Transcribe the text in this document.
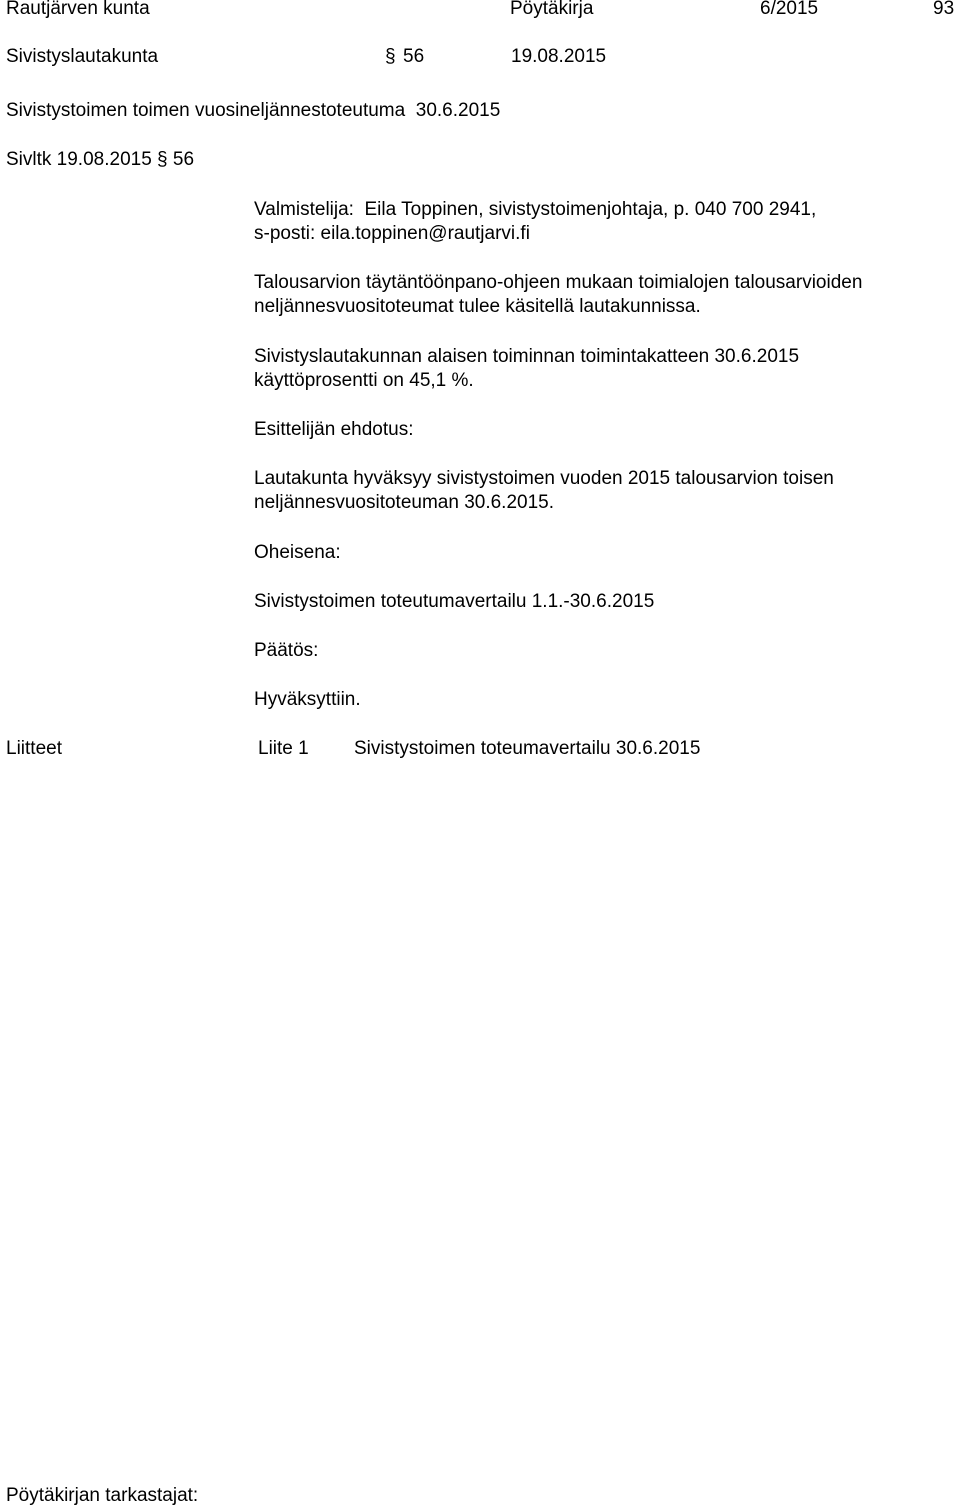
Rautjärven kunta	Pöytäkirja	6/2015	93
Sivistyslautakunta	§ 56	19.08.2015
Sivistystoimen toimen vuosineljännestoteutuma  30.6.2015
Sivltk 19.08.2015 § 56

Valmistelija:  Eila Toppinen, sivistystoimenjohtaja, p. 040 700 2941,

s-posti: eila.toppinen@rautjarvi.fi

Talousarvion täytäntöönpano-ohjeen mukaan toimialojen talousarvioiden

neljännesvuositoteumat tulee käsitellä lautakunnissa.

Sivistyslautakunnan alaisen toiminnan toimintakatteen 30.6.2015

käyttöprosentti on 45,1 %.

Esittelijän ehdotus:

Lautakunta hyväksyy sivistystoimen vuoden 2015 talousarvion toisen

neljännesvuositoteuman 30.6.2015.

Oheisena:
Sivistystoimen toteutumavertailu 1.1.-30.6.2015
Päätös:
Hyväksyttiin.
Liitteet	Liite 1 Sivistystoimen toteumavertailu 30.6.2015
Pöytäkirjan tarkastajat:
